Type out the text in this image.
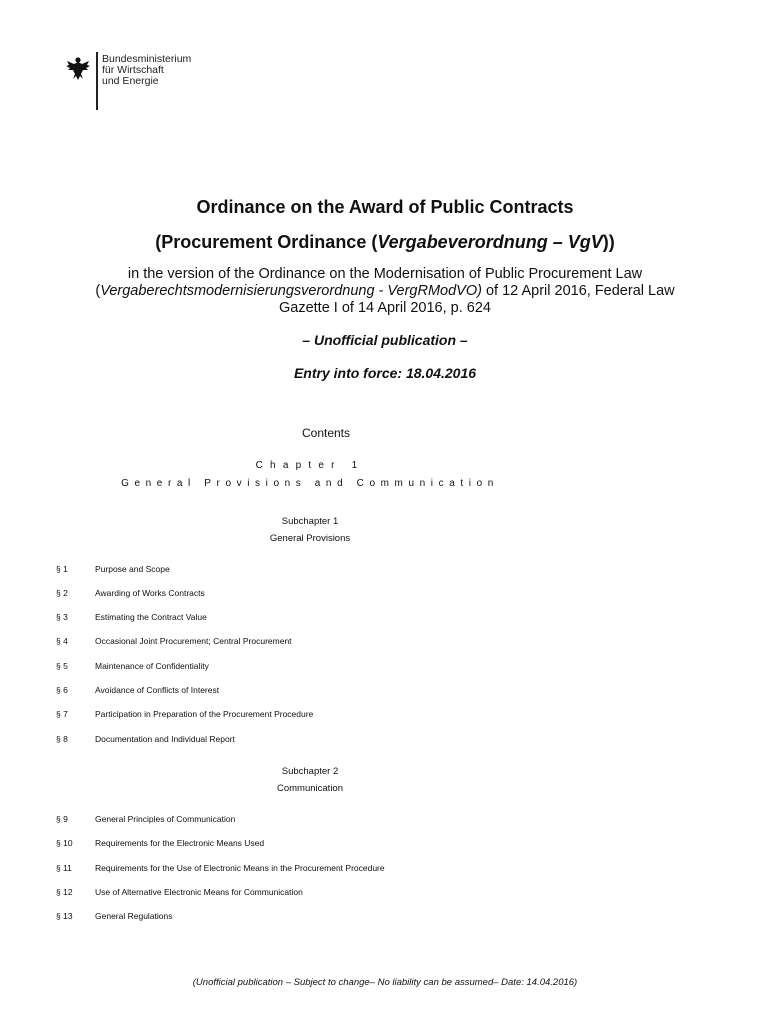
Bundesministerium
für Wirtschaft
und Energie
Ordinance on the Award of Public Contracts
(Procurement Ordinance (Vergabeverordnung – VgV))
in the version of the Ordinance on the Modernisation of Public Procurement Law (Vergaberechtsmodernisierungsverordnung - VergRModVO) of 12 April 2016, Federal Law Gazette I of 14 April 2016, p. 624
– Unofficial publication –
Entry into force: 18.04.2016
Contents
Chapter 1
General Provisions and Communication
Subchapter 1
General Provisions
§ 1	Purpose and Scope
§ 2	Awarding of Works Contracts
§ 3	Estimating the Contract Value
§ 4	Occasional Joint Procurement; Central Procurement
§ 5	Maintenance of Confidentiality
§ 6	Avoidance of Conflicts of Interest
§ 7	Participation in Preparation of the Procurement Procedure
§ 8	Documentation and Individual Report
Subchapter 2
Communication
§ 9	General Principles of Communication
§ 10	Requirements for the Electronic Means Used
§ 11	Requirements for the Use of Electronic Means in the Procurement Procedure
§ 12	Use of Alternative Electronic Means for Communication
§ 13	General Regulations
(Unofficial publication – Subject to change– No liability can be assumed– Date: 14.04.2016)
